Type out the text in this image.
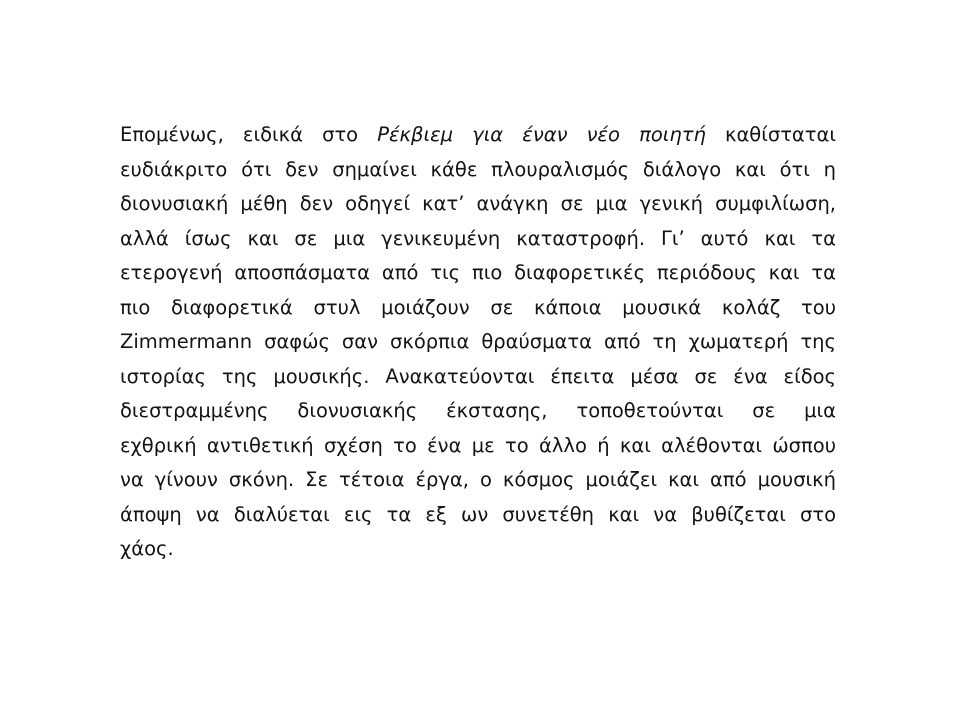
Επομένως, ειδικά στο Ρέκβιεμ για έναν νέο ποιητή καθίσταται
ευδιάκριτο ότι δεν σημαίνει κάθε πλουραλισμός διάλογο και ότι η
διονυσιακή μέθη δεν οδηγεί κατ’ ανάγκη σε μια γενική συμφιλίωση,
αλλά ίσως και σε μια γενικευμένη καταστροφή. Γι’ αυτό και τα
ετερογενή αποσπάσματα από τις πιο διαφορετικές περιόδους και τα
πιο διαφορετικά στυλ μοιάζουν σε κάποια μουσικά κολάζ του
Zimmermann σαφώς σαν σκόρπια θραύσματα από τη χωματερή της
ιστορίας της μουσικής. Ανακατεύονται έπειτα μέσα σε ένα είδος
διεστραμμένης διονυσιακής έκστασης, τοποθετούνται σε μια
εχθρική αντιθετική σχέση το ένα με το άλλο ή και αλέθονται ώσπου
να γίνουν σκόνη. Σε τέτοια έργα, ο κόσμος μοιάζει και από μουσική
άποψη να διαλύεται εις τα εξ ων συνετέθη και να βυθίζεται στο
χάος.
